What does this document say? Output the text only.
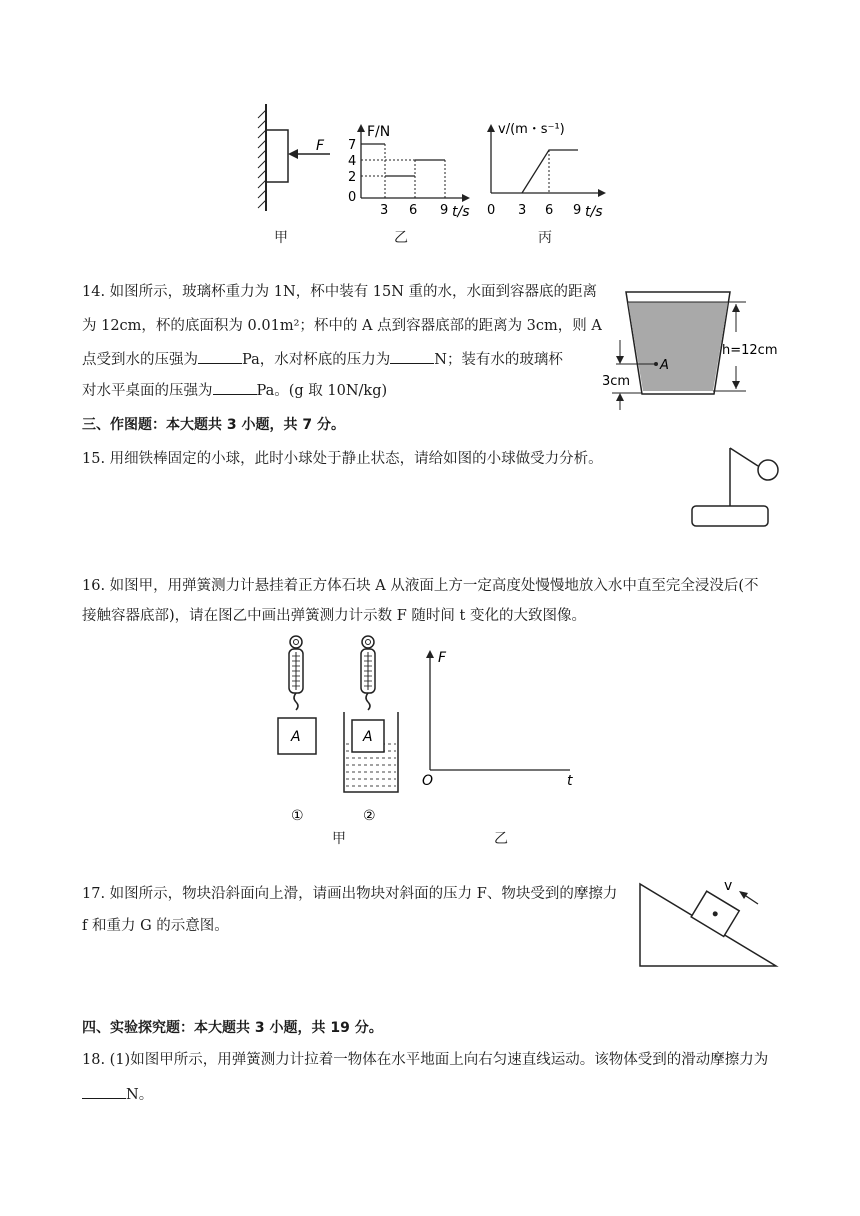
F
F/N
7
4
2
0
3 6 9 t/s
v/(m・s⁻¹)
0 3 6 9 t/s
甲	乙	丙
14. 如图所示，玻璃杯重力为 1N，杯中装有 15N 重的水，水面到容器底的距离
为 12cm，杯的底面积为 0.01m²；杯中的 A 点到容器底部的距离为 3cm，则 A
点受到水的压强为	Pa，水对杯底的压力为	N；装有水的玻璃杯
对水平桌面的压强为	Pa。(g 取 10N/kg)
A
h=12cm
3cm
三、作图题：本大题共 3 小题，共 7 分。
15. 用细铁棒固定的小球，此时小球处于静止状态，请给如图的小球做受力分析。
16. 如图甲，用弹簧测力计悬挂着正方体石块 A 从液面上方一定高度处慢慢地放入水中直至完全浸没后(不
接触容器底部)，请在图乙中画出弹簧测力计示数 F 随时间 t 变化的大致图像。
A	A
①	②
F
t
O
甲	乙
17. 如图所示，物块沿斜面向上滑，请画出物块对斜面的压力 F、物块受到的摩擦力
f 和重力 G 的示意图。
v
四、实验探究题：本大题共 3 小题，共 19 分。
18. (1)如图甲所示，用弹簧测力计拉着一物体在水平地面上向右匀速直线运动。该物体受到的滑动摩擦力为
N。
